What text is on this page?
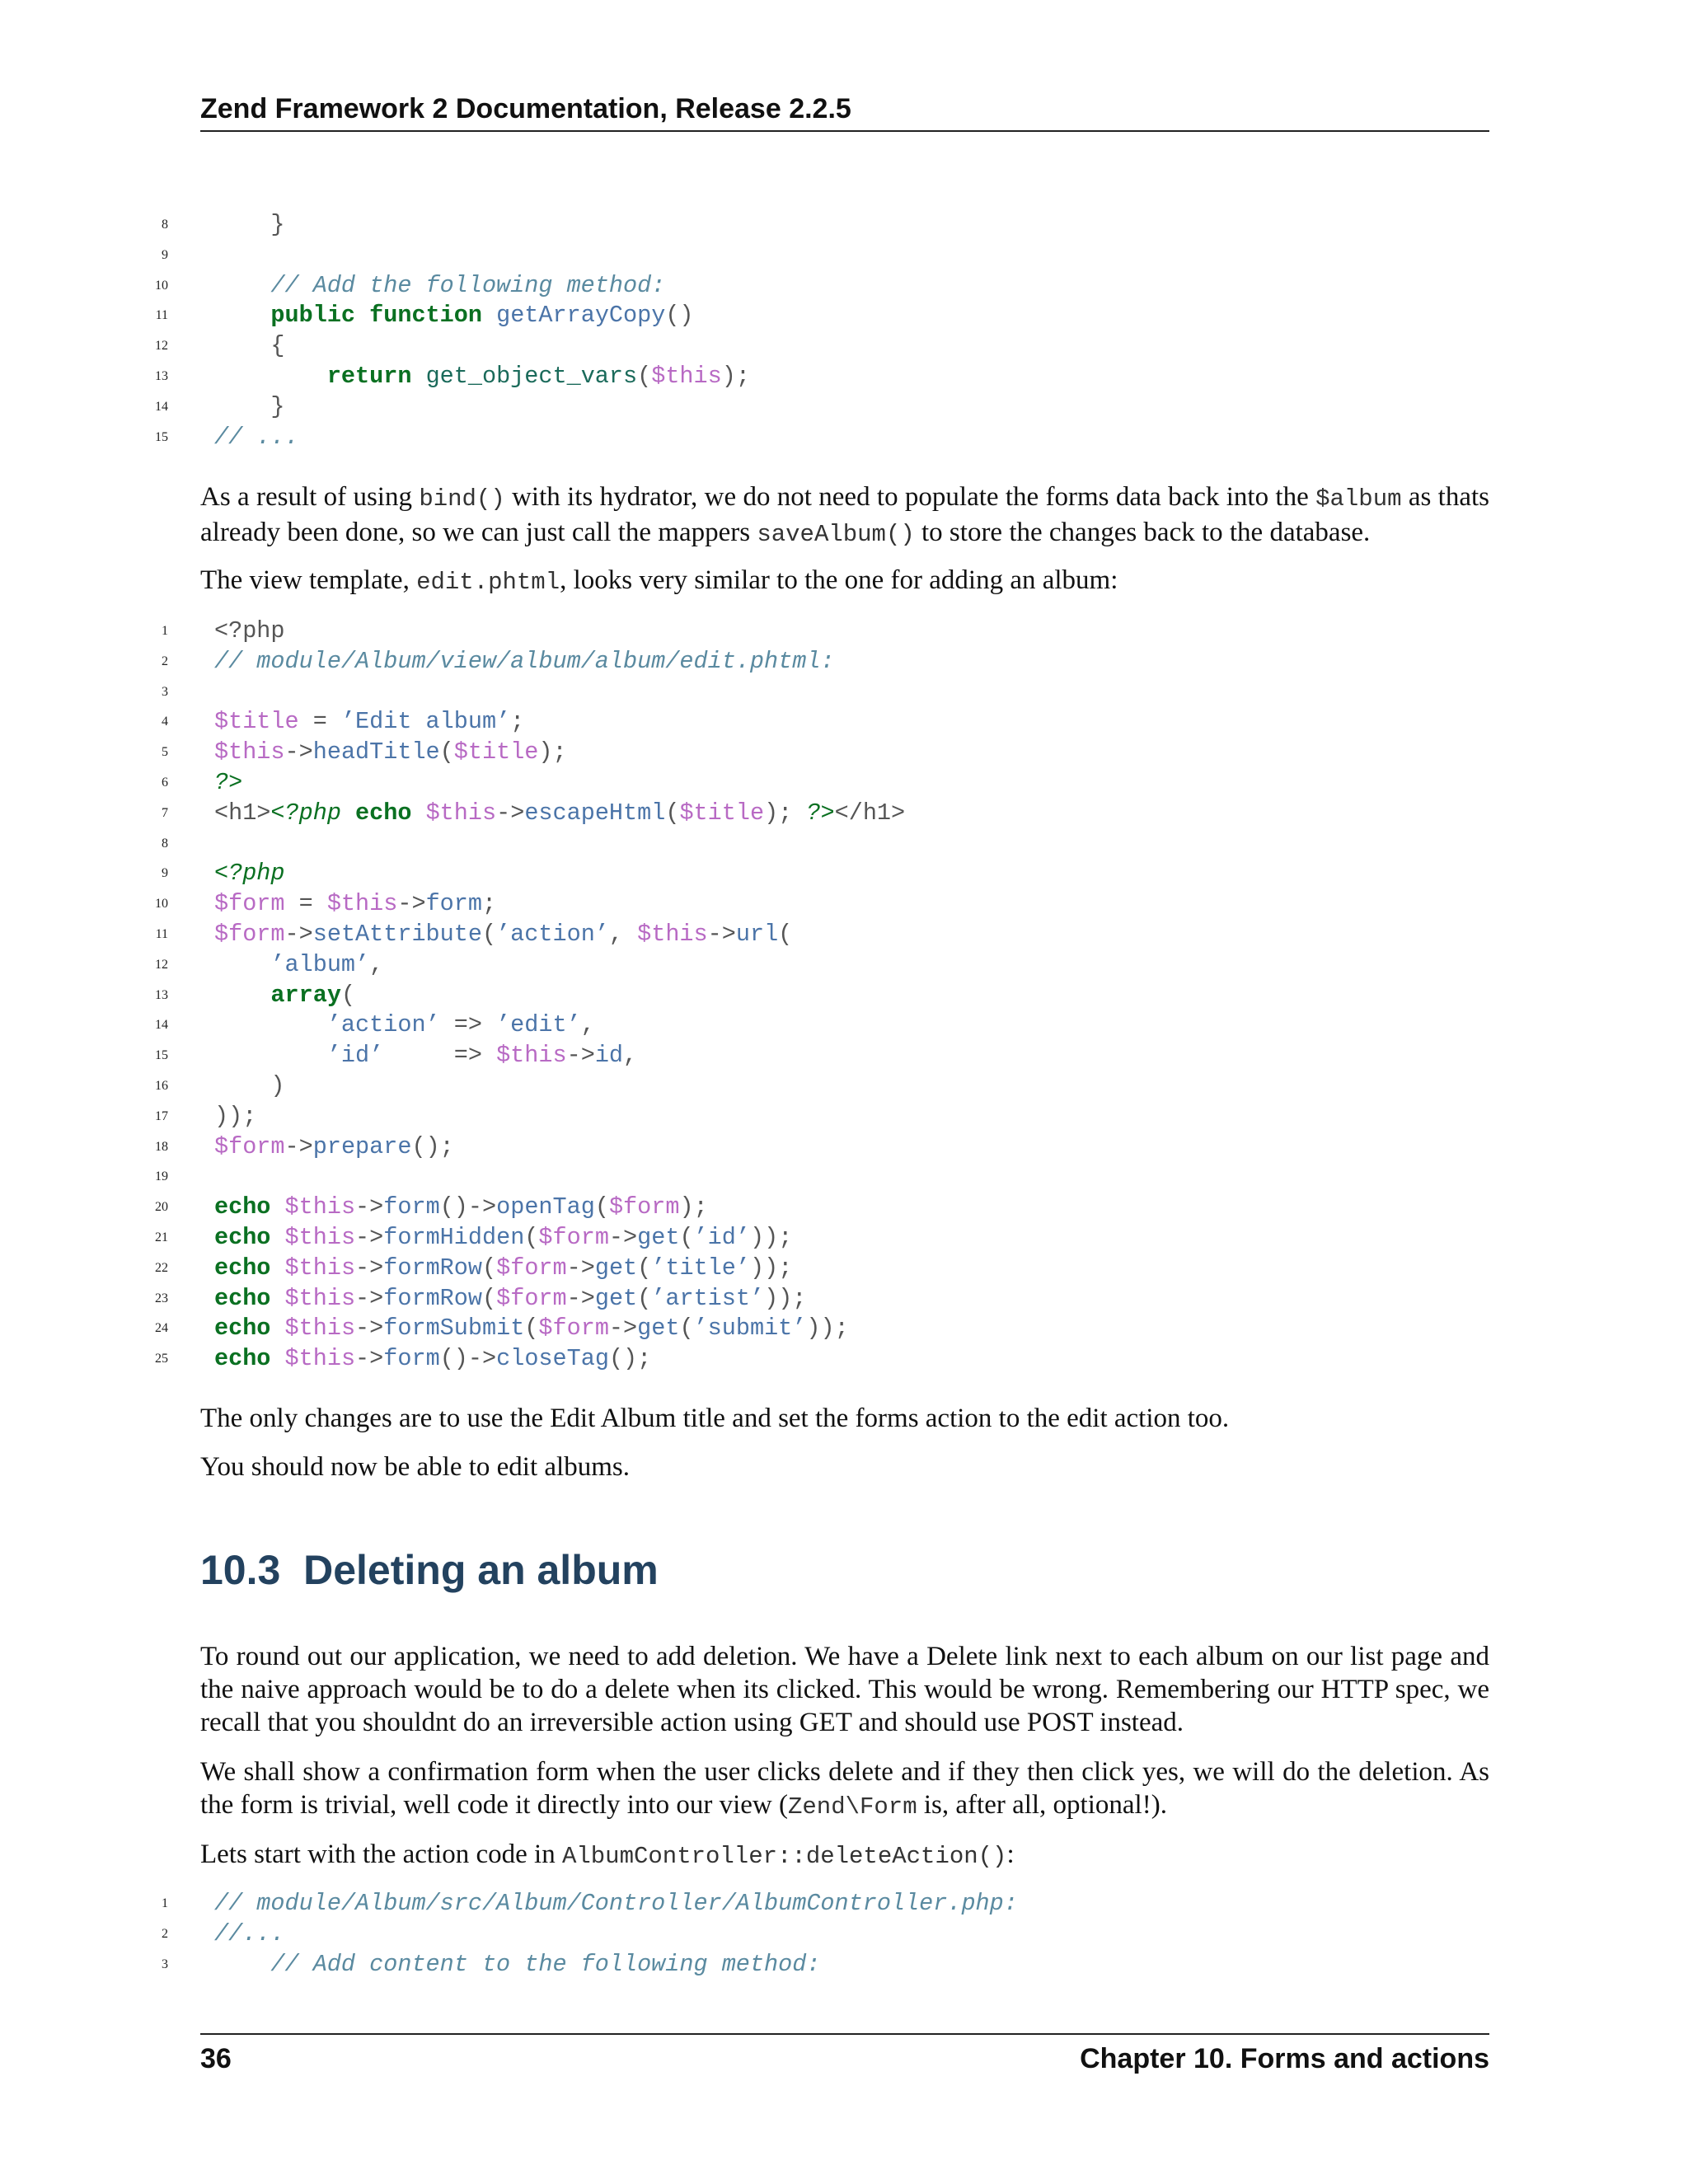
Zend Framework 2 Documentation, Release 2.2.5
8 }
9
10 // Add the following method:
11	public function getArrayCopy()
12 {
13	return get_object_vars($this);
14 }
15 // ...
As a result of using bind() with its hydrator, we do not need to populate the forms data back into the $album as thats already been done, so we can just call the mappers saveAlbum() to store the changes back to the database.
The view template, edit.phtml, looks very similar to the one for adding an album:
1 <?php
2 // module/Album/view/album/album/edit.phtml:
3
4 $title = ’Edit album’;
5 $this->headTitle($title);
6 ?>
7 <h1><?php echo $this->escapeHtml($title); ?></h1>
8
9 <?php
10 $form = $this->form;
11 $form->setAttribute(’action’, $this->url(
12	’album’,
13	array(
14	’action’ => ’edit’,
15	’id’     => $this->id,
16 )
17 ));
18 $form->prepare();
19
20 echo $this->form()->openTag($form);
21 echo $this->formHidden($form->get(’id’));
22 echo $this->formRow($form->get(’title’));
23 echo $this->formRow($form->get(’artist’));
24 echo $this->formSubmit($form->get(’submit’));
25 echo $this->form()->closeTag();
The only changes are to use the Edit Album title and set the forms action to the edit action too.
You should now be able to edit albums.
10.3 Deleting an album
To round out our application, we need to add deletion. We have a Delete link next to each album on our list page and the naive approach would be to do a delete when its clicked. This would be wrong. Remembering our HTTP spec, we recall that you shouldnt do an irreversible action using GET and should use POST instead.
We shall show a confirmation form when the user clicks delete and if they then click yes, we will do the deletion. As the form is trivial, well code it directly into our view (Zend\Form is, after all, optional!).
Lets start with the action code in AlbumController::deleteAction():
1 // module/Album/src/Album/Controller/AlbumController.php:
2 //...
3 // Add content to the following method:
36	Chapter 10. Forms and actions
